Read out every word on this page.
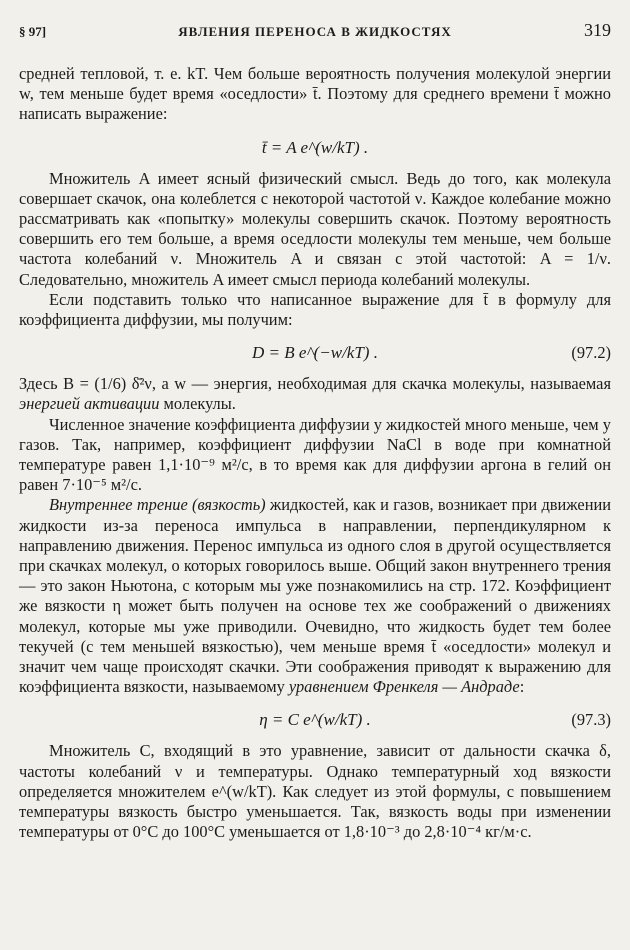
§ 97]	ЯВЛЕНИЯ ПЕРЕНОСА В ЖИДКОСТЯХ	319

средней тепловой, т. е. kT. Чем больше вероятность получения молекулой энергии w, тем меньше будет время «оседлости» t̄. Поэтому для среднего времени t̄ можно написать выражение:

t̄ = A e^(w/kT) .

Множитель A имеет ясный физический смысл. Ведь до того, как молекула совершает скачок, она колеблется с некоторой частотой ν. Каждое колебание можно рассматривать как «попытку» молекулы совершить скачок. Поэтому вероятность совершить его тем больше, а время оседлости молекулы тем меньше, чем больше частота колебаний ν. Множитель A и связан с этой частотой: A = 1/ν. Следовательно, множитель A имеет смысл периода колебаний молекулы.

Если подставить только что написанное выражение для t̄ в формулу для коэффициента диффузии, мы получим:

D = B e^(−w/kT) .	(97.2)

Здесь B = (1/6) δ̄²ν, а w — энергия, необходимая для скачка молекулы, называемая энергией активации молекулы.

Численное значение коэффициента диффузии у жидкостей много меньше, чем у газов. Так, например, коэффициент диффузии NaCl в воде при комнатной температуре равен 1,1·10⁻⁹ м²/с, в то время как для диффузии аргона в гелий он равен 7·10⁻⁵ м²/с.

Внутреннее трение (вязкость) жидкостей, как и газов, возникает при движении жидкости из-за переноса импульса в направлении, перпендикулярном к направлению движения. Перенос импульса из одного слоя в другой осуществляется при скачках молекул, о которых говорилось выше. Общий закон внутреннего трения — это закон Ньютона, с которым мы уже познакомились на стр. 172. Коэффициент же вязкости η может быть получен на основе тех же соображений о движениях молекул, которые мы уже приводили. Очевидно, что жидкость будет тем более текучей (с тем меньшей вязкостью), чем меньше время t̄ «оседлости» молекул и значит чем чаще происходят скачки. Эти соображения приводят к выражению для коэффициента вязкости, называемому уравнением Френкеля — Андраде:

η = C e^(w/kT) .	(97.3)

Множитель C, входящий в это уравнение, зависит от дальности скачка δ, частоты колебаний ν и температуры. Однако температурный ход вязкости определяется множителем e^(w/kT). Как следует из этой формулы, с повышением температуры вязкость быстро уменьшается. Так, вязкость воды при изменении температуры от 0°C до 100°C уменьшается от 1,8·10⁻³ до 2,8·10⁻⁴ кг/м·с.
